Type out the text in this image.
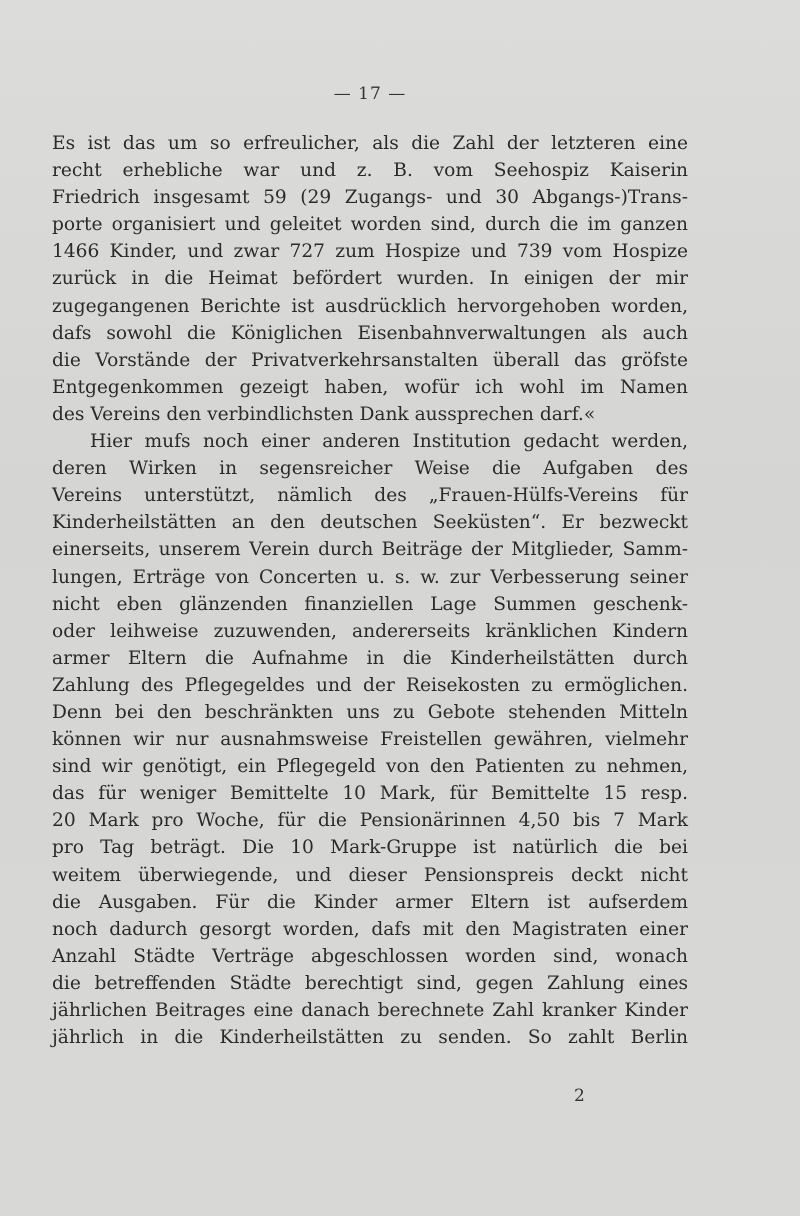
— 17 —
Es ist das um so erfreulicher, als die Zahl der letzteren eine
recht erhebliche war und z. B. vom Seehospiz Kaiserin
Friedrich insgesamt 59 (29 Zugangs- und 30 Abgangs-)Trans-
porte organisiert und geleitet worden sind, durch die im ganzen
1466 Kinder, und zwar 727 zum Hospize und 739 vom Hospize
zurück in die Heimat befördert wurden. In einigen der mir
zugegangenen Berichte ist ausdrücklich hervorgehoben worden,
dafs sowohl die Königlichen Eisenbahnverwaltungen als auch
die Vorstände der Privatverkehrsanstalten überall das gröfste
Entgegenkommen gezeigt haben, wofür ich wohl im Namen
des Vereins den verbindlichsten Dank aussprechen darf.«
Hier mufs noch einer anderen Institution gedacht werden,
deren Wirken in segensreicher Weise die Aufgaben des
Vereins unterstützt, nämlich des „Frauen-Hülfs-Vereins für
Kinderheilstätten an den deutschen Seeküsten“. Er bezweckt
einerseits, unserem Verein durch Beiträge der Mitglieder, Samm-
lungen, Erträge von Concerten u. s. w. zur Verbesserung seiner
nicht eben glänzenden finanziellen Lage Summen geschenk-
oder leihweise zuzuwenden, andererseits kränklichen Kindern
armer Eltern die Aufnahme in die Kinderheilstätten durch
Zahlung des Pflegegeldes und der Reisekosten zu ermöglichen.
Denn bei den beschränkten uns zu Gebote stehenden Mitteln
können wir nur ausnahmsweise Freistellen gewähren, vielmehr
sind wir genötigt, ein Pflegegeld von den Patienten zu nehmen,
das für weniger Bemittelte 10 Mark, für Bemittelte 15 resp.
20 Mark pro Woche, für die Pensionärinnen 4,50 bis 7 Mark
pro Tag beträgt. Die 10 Mark-Gruppe ist natürlich die bei
weitem überwiegende, und dieser Pensionspreis deckt nicht
die Ausgaben. Für die Kinder armer Eltern ist aufserdem
noch dadurch gesorgt worden, dafs mit den Magistraten einer
Anzahl Städte Verträge abgeschlossen worden sind, wonach
die betreffenden Städte berechtigt sind, gegen Zahlung eines
jährlichen Beitrages eine danach berechnete Zahl kranker Kinder
jährlich in die Kinderheilstätten zu senden. So zahlt Berlin
2
